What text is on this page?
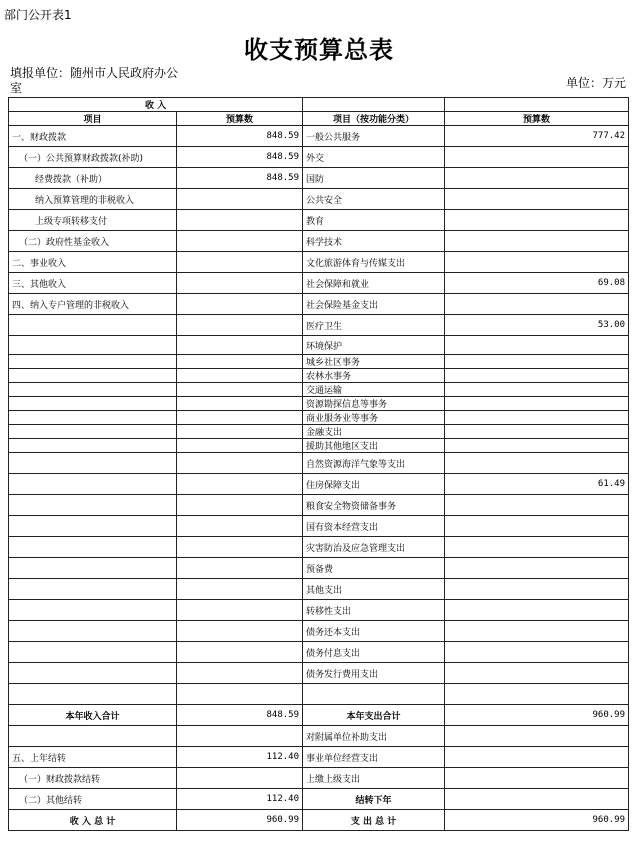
部门公开表1
收支预算总表
填报单位：随州市人民政府办公室	单位：万元
收 入			
项目	预算数	项目（按功能分类）	预算数
一、财政拨款	848.59	一般公共服务	777.42
（一）公共预算财政拨款(补助)	848.59	外交	
经费拨款（补助）	848.59	国防	
纳入预算管理的非税收入		公共安全	
上级专项转移支付		教育	
（二）政府性基金收入		科学技术	
二、事业收入		文化旅游体育与传媒支出	
三、其他收入		社会保障和就业	69.08
四、纳入专户管理的非税收入		社会保险基金支出	
		医疗卫生	53.00
		环境保护	
		城乡社区事务	
		农林水事务	
		交通运输	
		资源勘探信息等事务	
		商业服务业等事务	
		金融支出	
		援助其他地区支出	
		自然资源海洋气象等支出	
		住房保障支出	61.49
		粮食安全物资储备事务	
		国有资本经营支出	
		灾害防治及应急管理支出	
		预备费	
		其他支出	
		转移性支出	
		债务还本支出	
		债务付息支出	
		债务发行费用支出	

本年收入合计	848.59	本年支出合计	960.99
		对附属单位补助支出	
五、上年结转	112.40	事业单位经营支出	
（一）财政拨款结转		上缴上级支出	
（二）其他结转	112.40	结转下年	
收 入 总 计	960.99	支 出 总 计	960.99
